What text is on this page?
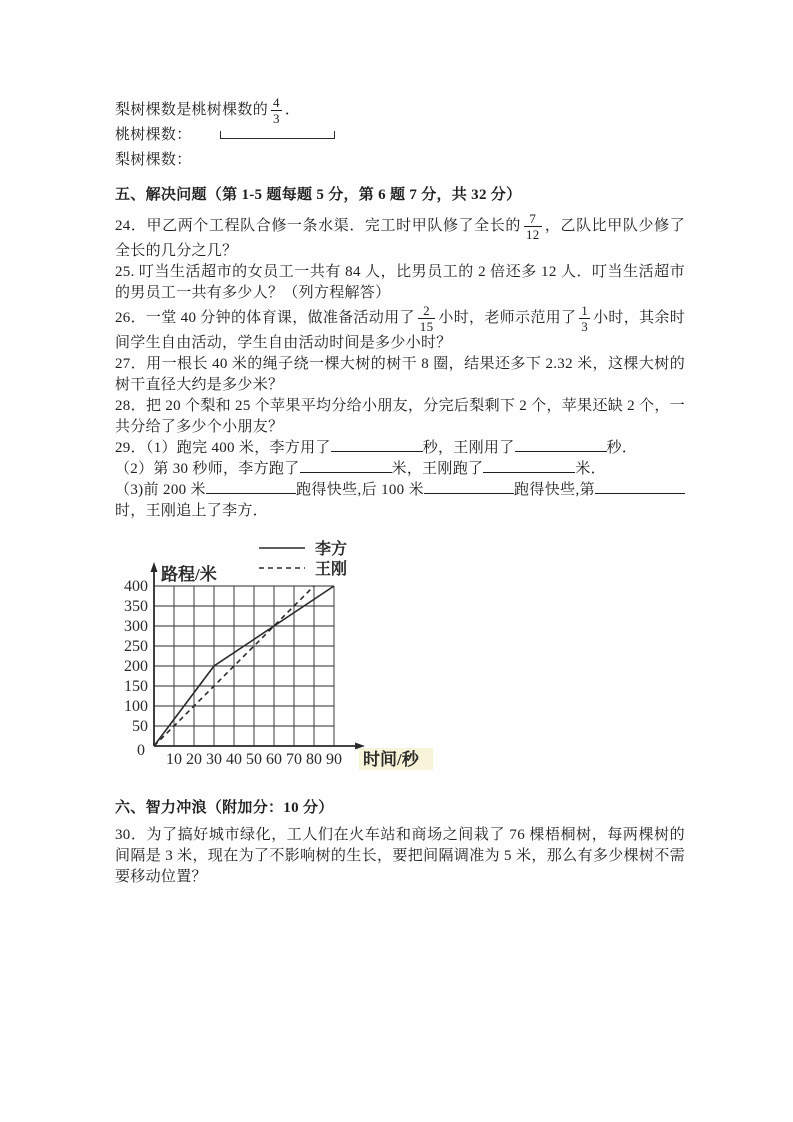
梨树棵数是桃树棵数的 $\frac{4}{3}$ ．

桃树棵数：

梨树棵数：

五、解决问题（第 1-5 题每题 5 分，第 6 题 7 分，共 32 分）

24．甲乙两个工程队合修一条水渠．完工时甲队修了全长的 $\frac{7}{12}$ ，乙队比甲队少修了全长的几分之几？

25. 叮当生活超市的女员工一共有 84 人，比男员工的 2 倍还多 12 人．叮当生活超市的男员工一共有多少人？（列方程解答）

26．一堂 40 分钟的体育课，做准备活动用了 $\frac{2}{15}$ 小时，老师示范用了 $\frac{1}{3}$ 小时，其余时间学生自由活动，学生自由活动时间是多少小时？

27．用一根长 40 米的绳子绕一棵大树的树干 8 圈，结果还多下 2.32 米，这棵大树的树干直径大约是多少米？

28．把 20 个梨和 25 个苹果平均分给小朋友，分完后梨剩下 2 个，苹果还缺 2 个，一共分给了多少个小朋友？

29．（1）跑完 400 米，李方用了	秒，王刚用了	秒．

（2）第 30 秒师，李方跑了	米，王刚跑了	米．

（3)前 200 米	跑得快些,后 100 米	跑得快些,第时，王刚追上了李方．

400
350
300
250
200
150
100
50
0
10 20 30 40 50 60 70 80 90
路程/米
时间/秒
李方
王刚

六、智力冲浪（附加分：10 分）

30．为了搞好城市绿化，工人们在火车站和商场之间栽了 76 棵梧桐树，每两棵树的间隔是 3 米，现在为了不影响树的生长，要把间隔调准为 5 米，那么有多少棵树不需要移动位置？
